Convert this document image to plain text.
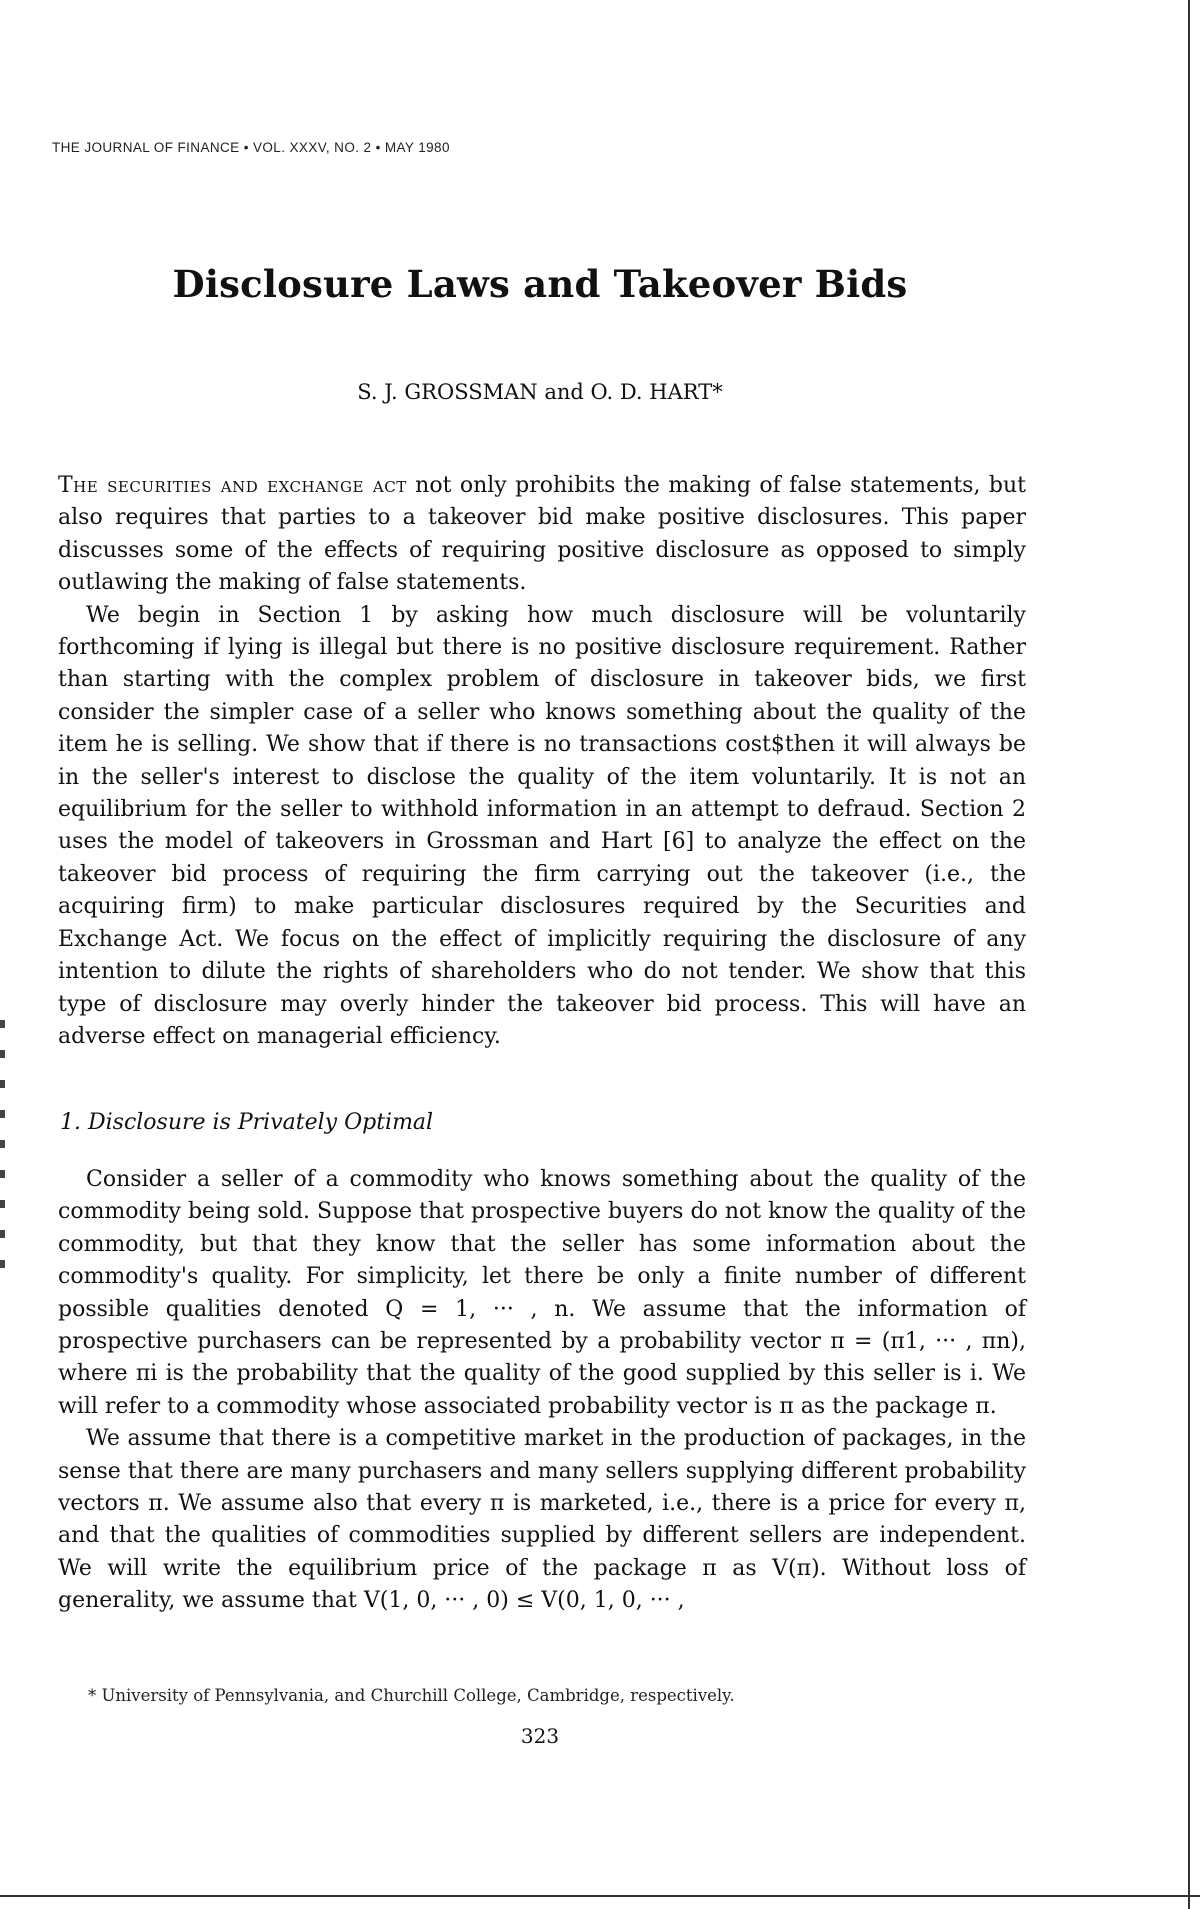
THE JOURNAL OF FINANCE • VOL. XXXV, NO. 2 • MAY 1980
Disclosure Laws and Takeover Bids
S. J. GROSSMAN and O. D. HART*

The securities and exchange act not only prohibits the making of false statements, but also requires that parties to a takeover bid make positive disclosures. This paper discusses some of the effects of requiring positive disclosure as opposed to simply outlawing the making of false statements.

We begin in Section 1 by asking how much disclosure will be voluntarily forthcoming if lying is illegal but there is no positive disclosure requirement. Rather than starting with the complex problem of disclosure in takeover bids, we first consider the simpler case of a seller who knows something about the quality of the item he is selling. We show that if there is no transactions cost$then it will always be in the seller's interest to disclose the quality of the item voluntarily. It is not an equilibrium for the seller to withhold information in an attempt to defraud. Section 2 uses the model of takeovers in Grossman and Hart [6] to analyze the effect on the takeover bid process of requiring the firm carrying out the takeover (i.e., the acquiring firm) to make particular disclosures required by the Securities and Exchange Act. We focus on the effect of implicitly requiring the disclosure of any intention to dilute the rights of shareholders who do not tender. We show that this type of disclosure may overly hinder the takeover bid process. This will have an adverse effect on managerial efficiency.

1. Disclosure is Privately Optimal

Consider a seller of a commodity who knows something about the quality of the commodity being sold. Suppose that prospective buyers do not know the quality of the commodity, but that they know that the seller has some information about the commodity's quality. For simplicity, let there be only a finite number of different possible qualities denoted Q = 1, ··· , n. We assume that the information of prospective purchasers can be represented by a probability vector π = (π1, ··· , πn), where πi is the probability that the quality of the good supplied by this seller is i. We will refer to a commodity whose associated probability vector is π as the package π.

We assume that there is a competitive market in the production of packages, in the sense that there are many purchasers and many sellers supplying different probability vectors π. We assume also that every π is marketed, i.e., there is a price for every π, and that the qualities of commodities supplied by different sellers are independent. We will write the equilibrium price of the package π as V(π). Without loss of generality, we assume that V(1, 0, ··· , 0) ≤ V(0, 1, 0, ··· ,

* University of Pennsylvania, and Churchill College, Cambridge, respectively.
323
